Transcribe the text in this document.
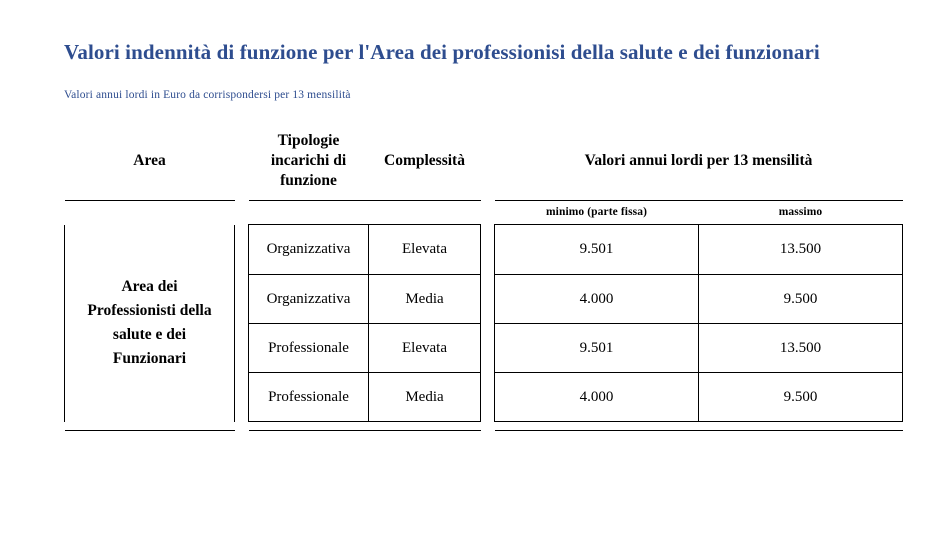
Valori indennità di funzione per l'Area dei professionisi della salute e dei funzionari

Valori annui lordi in Euro da corrispondersi per 13 mensilità

Area		Tipologie incarichi di funzione	Complessità		Valori annui lordi per 13 mensilità	

					minimo (parte fissa)	massimo
Area dei Professionisti della salute e dei Funzionari		Organizzativa	Elevata		9.501	13.500
		Organizzativa	Media		4.000	9.500
		Professionale	Elevata		9.501	13.500
		Professionale	Media		4.000	9.500
